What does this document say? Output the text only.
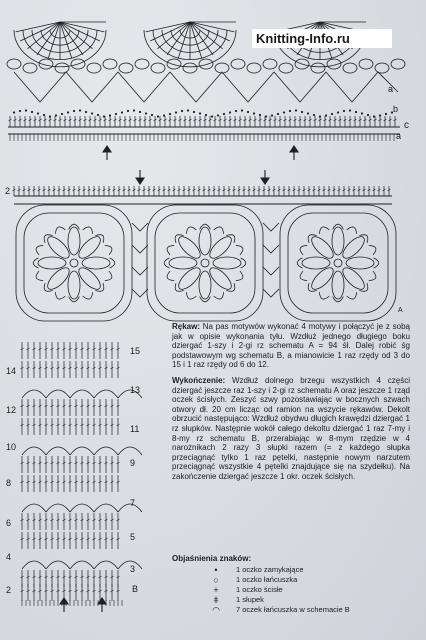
Knitting-Info.ru
a
b
c
a
2
A
15
14
13
12
11
10
9
8
7
6
5
4
3
2	B

Rękaw: Na pas motywów wykonać 4 motywy i połączyć je z sobą jak w opisie wykonania tyłu. Wzdłuż jednego długiego boku dziergać 1-szy i 2-gi rz schematu A = 94 śł. Dalej robić śg podstawowym wg schematu B, a mianowicie 1 raz rzędy od 3 do 15 i 1 raz rzędy od 6 do 12.

Wykończenie: Wzdłuż dolnego brzegu wszystkich 4 części dziergać jeszcze raz 1-szy i 2-gi rz schematu A oraz jeszcze 1 rząd oczek ścisłych. Zeszyć szwy pozostawiając w bocznych szwach otwory dł. 20 cm licząc od ramion na wszycie rękawów. Dekolt obrzucić następująco: Wzdłuż obydwu długich krawędzi dziergać 1 rz słupków. Następnie wokół całego dekoltu dziergać 1 raz 7-my i 8-my rz schematu B, przerabiając w 8-mym rzędzie w 4 narożnikach 2 razy 3 słupki razem (= z każdego słupka przeciągnąć tylko 1 raz pętelki, następnie nowym narzutem przeciągnąć wszystkie 4 pętelki znajdujące się na szydełku). Na zakończenie dziergać jeszcze 1 okr. oczek ścisłych.

Objaśnienia znaków:
•	1 oczko zamykające
○	1 oczko łańcuszka
+	1 oczko ścisłe
ǂ	1 słupek
◠	7 oczek łańcuszka w schemacie B
